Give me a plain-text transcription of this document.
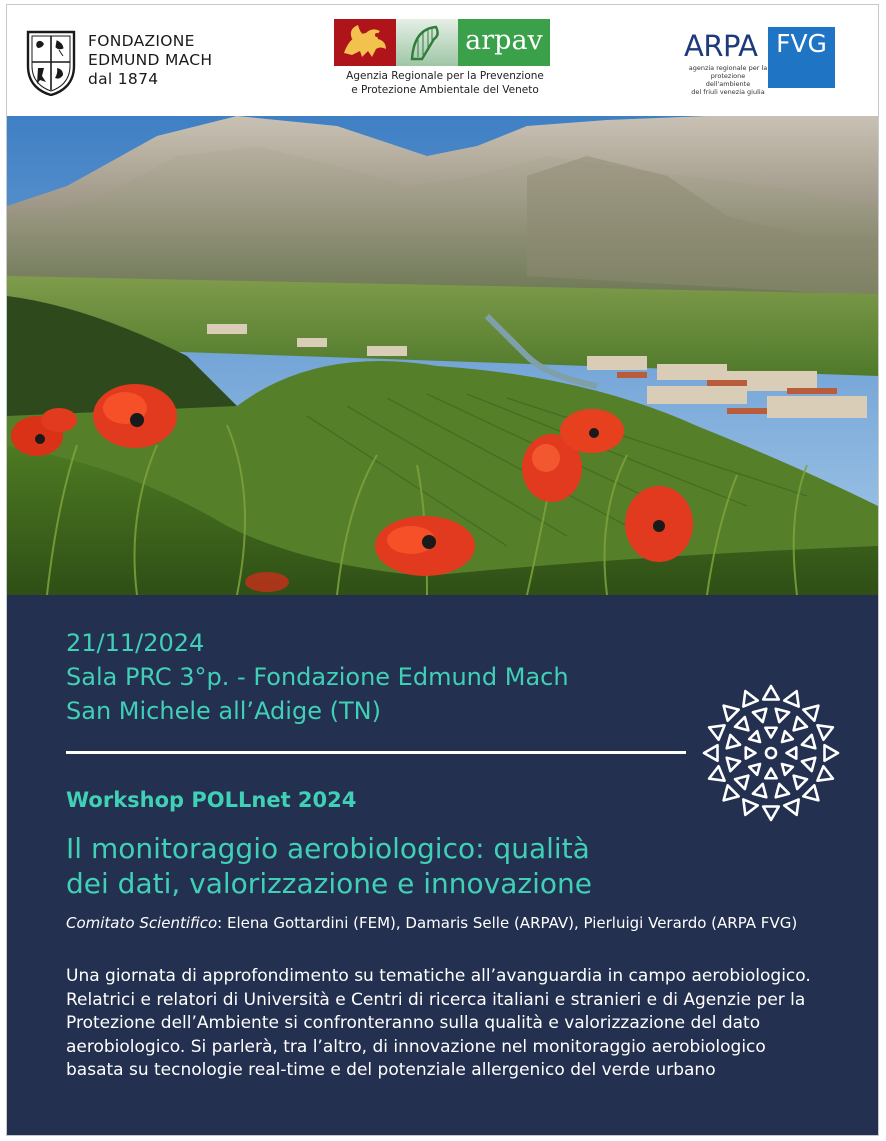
FONDAZIONE
EDMUND MACH
dal 1874
arpav
Agenzia Regionale per la Prevenzione
e Protezione Ambientale del Veneto
ARPA FVG
agenzia regionale per la
protezione dell'ambiente
del friuli venezia giulia
21/11/2024
Sala PRC 3°p. - Fondazione Edmund Mach
San Michele all’Adige (TN)
Workshop POLLnet 2024
Il monitoraggio aerobiologico: qualità
dei dati, valorizzazione e innovazione
Comitato Scientifico: Elena Gottardini (FEM), Damaris Selle (ARPAV), Pierluigi Verardo (ARPA FVG)
Una giornata di approfondimento su tematiche all’avanguardia in campo aerobiologico. Relatrici e relatori di Università e Centri di ricerca italiani e stranieri e di Agenzie per la Protezione dell’Ambiente si confronteranno sulla qualità e valorizzazione del dato aerobiologico. Si parlerà, tra l’altro, di innovazione nel monitoraggio aerobiologico basata su tecnologie real-time e del potenziale allergenico del verde urbano
